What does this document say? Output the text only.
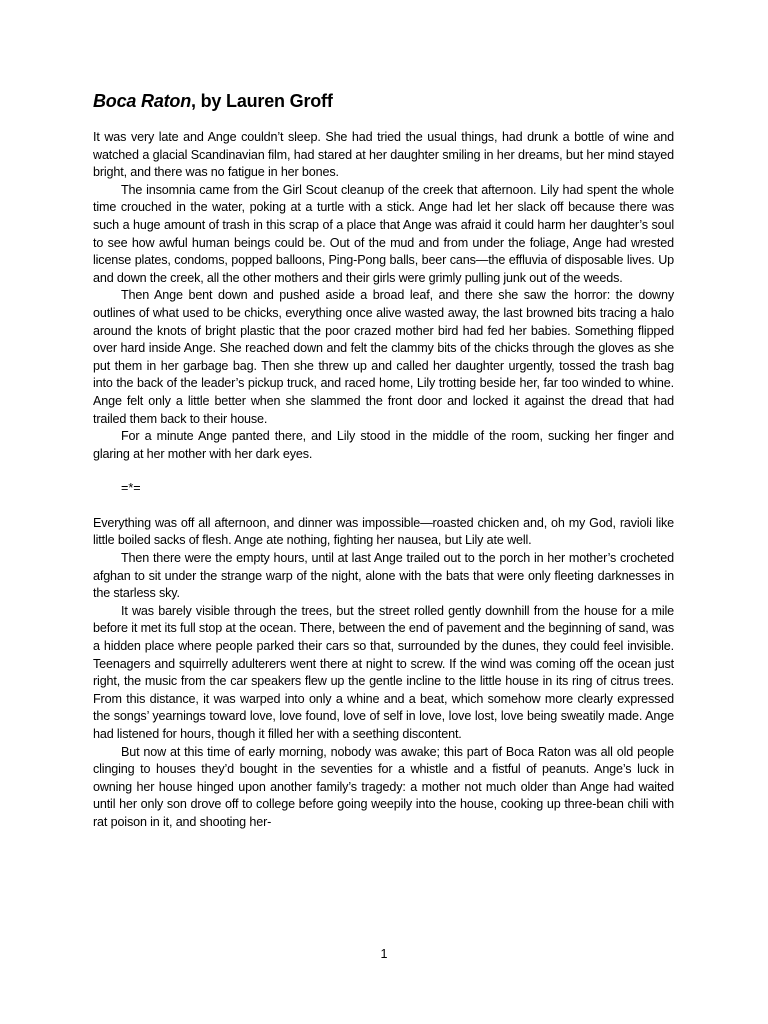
Boca Raton, by Lauren Groff

It was very late and Ange couldn’t sleep. She had tried the usual things, had drunk a bottle of wine and watched a glacial Scandinavian film, had stared at her daughter smiling in her dreams, but her mind stayed bright, and there was no fatigue in her bones.

The insomnia came from the Girl Scout cleanup of the creek that afternoon. Lily had spent the whole time crouched in the water, poking at a turtle with a stick. Ange had let her slack off because there was such a huge amount of trash in this scrap of a place that Ange was afraid it could harm her daughter’s soul to see how awful human beings could be. Out of the mud and from under the foliage, Ange had wrested license plates, condoms, popped balloons, Ping-Pong balls, beer cans—the effluvia of disposable lives. Up and down the creek, all the other mothers and their girls were grimly pulling junk out of the weeds.

Then Ange bent down and pushed aside a broad leaf, and there she saw the horror: the downy outlines of what used to be chicks, everything once alive wasted away, the last browned bits tracing a halo around the knots of bright plastic that the poor crazed mother bird had fed her babies. Something flipped over hard inside Ange. She reached down and felt the clammy bits of the chicks through the gloves as she put them in her garbage bag. Then she threw up and called her daughter urgently, tossed the trash bag into the back of the leader’s pickup truck, and raced home, Lily trotting beside her, far too winded to whine. Ange felt only a little better when she slammed the front door and locked it against the dread that had trailed them back to their house.

For a minute Ange panted there, and Lily stood in the middle of the room, sucking her finger and glaring at her mother with her dark eyes.

=*=

Everything was off all afternoon, and dinner was impossible—roasted chicken and, oh my God, ravioli like little boiled sacks of flesh. Ange ate nothing, fighting her nausea, but Lily ate well.

Then there were the empty hours, until at last Ange trailed out to the porch in her mother’s crocheted afghan to sit under the strange warp of the night, alone with the bats that were only fleeting darknesses in the starless sky.

It was barely visible through the trees, but the street rolled gently downhill from the house for a mile before it met its full stop at the ocean. There, between the end of pavement and the beginning of sand, was a hidden place where people parked their cars so that, surrounded by the dunes, they could feel invisible. Teenagers and squirrelly adulterers went there at night to screw. If the wind was coming off the ocean just right, the music from the car speakers flew up the gentle incline to the little house in its ring of citrus trees. From this distance, it was warped into only a whine and a beat, which somehow more clearly expressed the songs’ yearnings toward love, love found, love of self in love, love lost, love being sweatily made. Ange had listened for hours, though it filled her with a seething discontent.

But now at this time of early morning, nobody was awake; this part of Boca Raton was all old people clinging to houses they’d bought in the seventies for a whistle and a fistful of peanuts. Ange’s luck in owning her house hinged upon another family’s tragedy: a mother not much older than Ange had waited until her only son drove off to college before going weepily into the house, cooking up three-bean chili with rat poison in it, and shooting her-

1
